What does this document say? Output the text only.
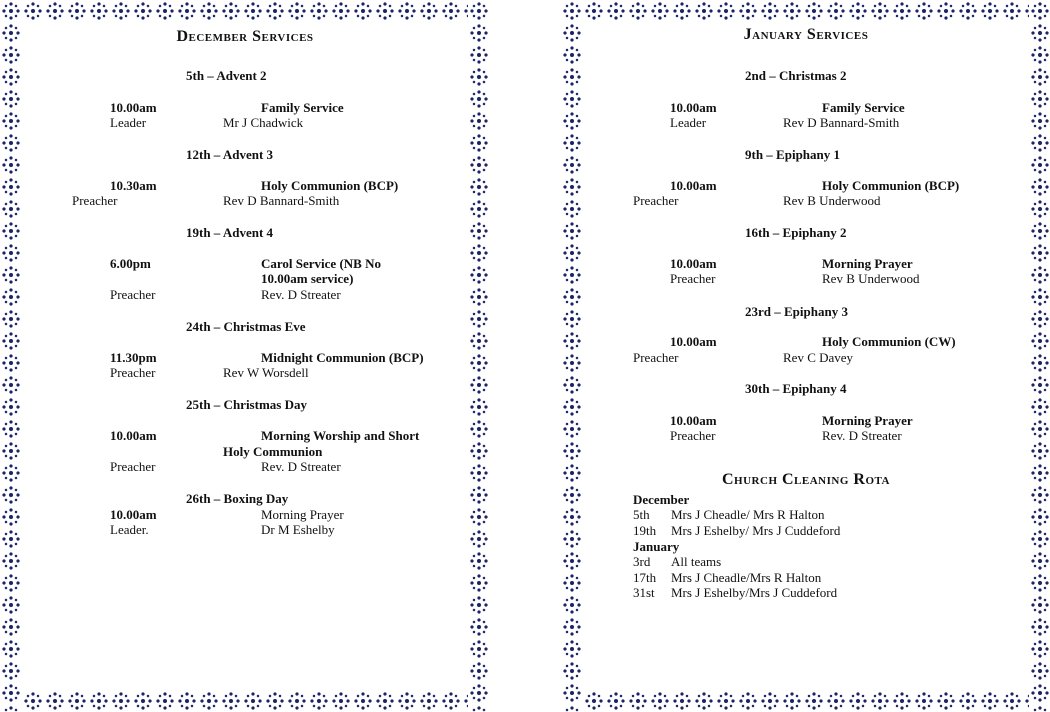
December Services
5th – Advent 2
10.00am	Family Service
Leader	Mr J Chadwick
12th – Advent 3
10.30am	Holy Communion (BCP)
Preacher	Rev D Bannard-Smith
19th – Advent 4
6.00pm	Carol Service (NB No 10.00am service)
Preacher	Rev. D Streater
24th – Christmas Eve
11.30pm	Midnight Communion (BCP)
Preacher	Rev W Worsdell
25th – Christmas Day
10.00am	Morning Worship and Short
Holy Communion
Preacher	Rev. D Streater
26th – Boxing Day
10.00am	Morning Prayer
Leader.	Dr M Eshelby
January Services
2nd – Christmas 2
10.00am	Family Service
Leader	Rev D Bannard-Smith
9th – Epiphany 1
10.00am	Holy Communion (BCP)
Preacher	Rev B Underwood
16th – Epiphany 2
10.00am	Morning Prayer
Preacher	Rev B Underwood
23rd – Epiphany 3
10.00am	Holy Communion (CW)
Preacher	Rev C Davey
30th – Epiphany 4
10.00am	Morning Prayer
Preacher	Rev. D Streater
Church Cleaning Rota
December
5th Mrs J Cheadle/ Mrs R Halton
19th Mrs J Eshelby/ Mrs J Cuddeford
January
3rd All teams
17th Mrs J Cheadle/Mrs R Halton
31st Mrs J Eshelby/Mrs J Cuddeford
